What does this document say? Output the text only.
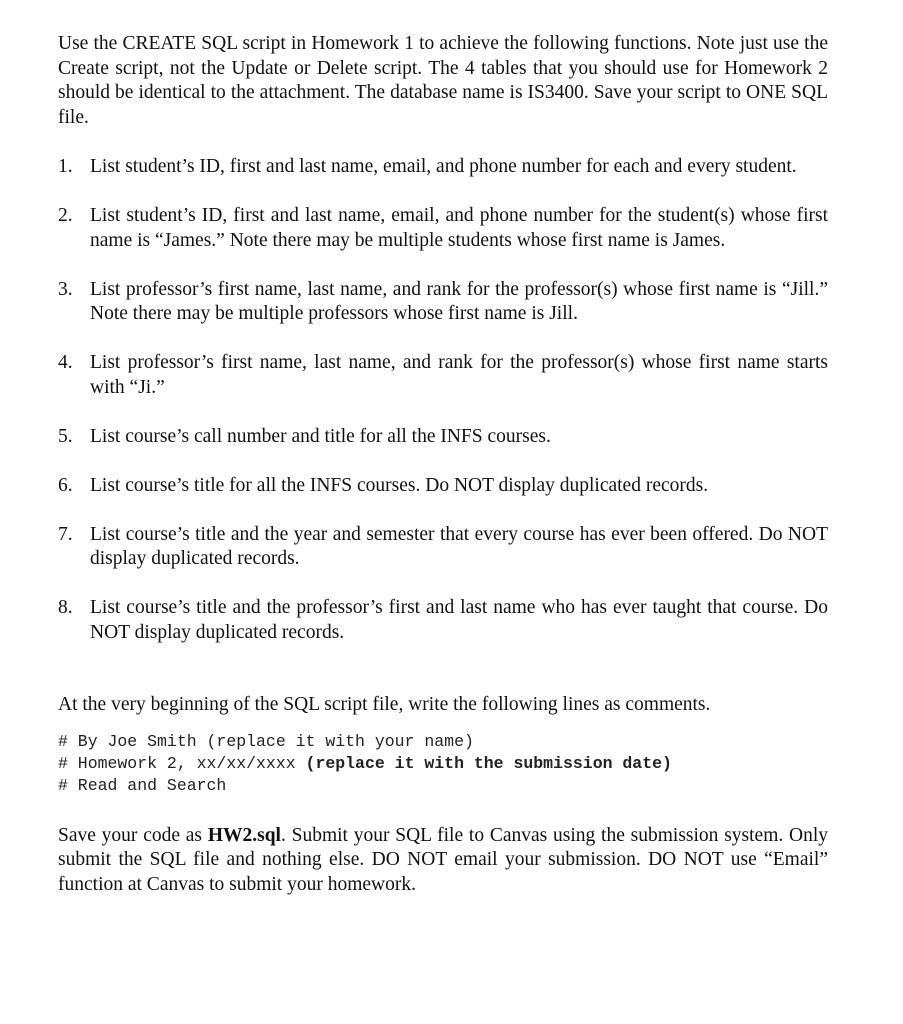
Use the CREATE SQL script in Homework 1 to achieve the following functions. Note just use the Create script, not the Update or Delete script. The 4 tables that you should use for Homework 2 should be identical to the attachment. The database name is IS3400. Save your script to ONE SQL file.

1. List student’s ID, first and last name, email, and phone number for each and every student.
2. List student’s ID, first and last name, email, and phone number for the student(s) whose first name is “James.” Note there may be multiple students whose first name is James.
3. List professor’s first name, last name, and rank for the professor(s) whose first name is “Jill.” Note there may be multiple professors whose first name is Jill.
4. List professor’s first name, last name, and rank for the professor(s) whose first name starts with “Ji.”
5. List course’s call number and title for all the INFS courses.
6. List course’s title for all the INFS courses. Do NOT display duplicated records.
7. List course’s title and the year and semester that every course has ever been offered. Do NOT display duplicated records.
8. List course’s title and the professor’s first and last name who has ever taught that course. Do NOT display duplicated records.

At the very beginning of the SQL script file, write the following lines as comments.

# By Joe Smith (replace it with your name)
# Homework 2, xx/xx/xxxx (replace it with the submission date)
# Read and Search

Save your code as HW2.sql. Submit your SQL file to Canvas using the submission system. Only submit the SQL file and nothing else. DO NOT email your submission. DO NOT use “Email” function at Canvas to submit your homework.
